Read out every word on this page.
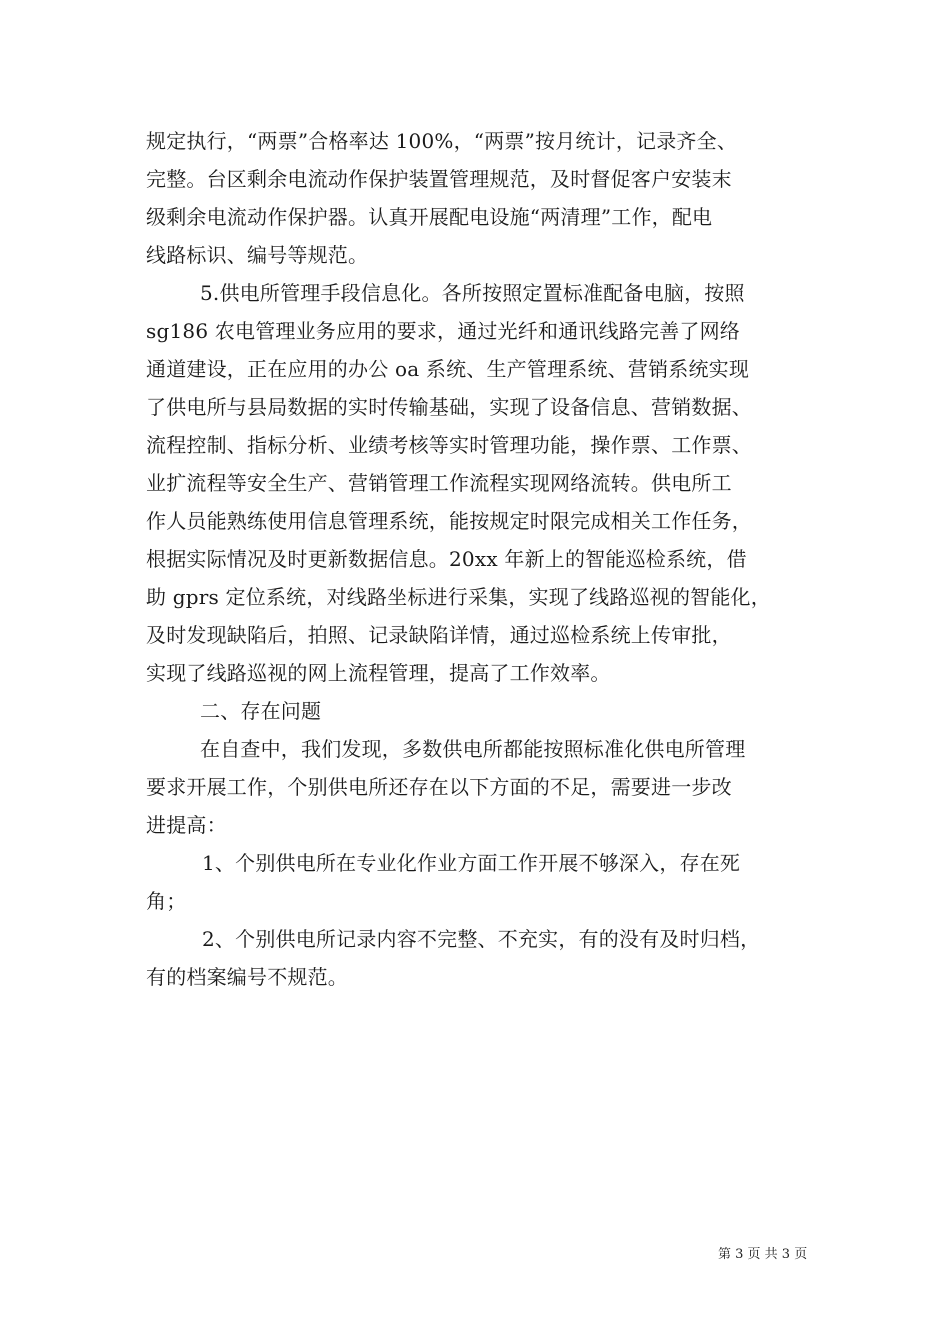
规定执行，“两票”合格率达 100%，“两票”按月统计，记录齐全、
完整。台区剩余电流动作保护装置管理规范，及时督促客户安装末
级剩余电流动作保护器。认真开展配电设施“两清理”工作，配电
线路标识、编号等规范。
5.供电所管理手段信息化。各所按照定置标准配备电脑，按照
sg186 农电管理业务应用的要求，通过光纤和通讯线路完善了网络
通道建设，正在应用的办公 oa 系统、生产管理系统、营销系统实现
了供电所与县局数据的实时传输基础，实现了设备信息、营销数据、
流程控制、指标分析、业绩考核等实时管理功能，操作票、工作票、
业扩流程等安全生产、营销管理工作流程实现网络流转。供电所工
作人员能熟练使用信息管理系统，能按规定时限完成相关工作任务，
根据实际情况及时更新数据信息。20xx 年新上的智能巡检系统，借
助 gprs 定位系统，对线路坐标进行采集，实现了线路巡视的智能化，
及时发现缺陷后，拍照、记录缺陷详情，通过巡检系统上传审批，
实现了线路巡视的网上流程管理，提高了工作效率。
二、存在问题
在自查中，我们发现，多数供电所都能按照标准化供电所管理
要求开展工作，个别供电所还存在以下方面的不足，需要进一步改
进提高：
1、个别供电所在专业化作业方面工作开展不够深入，存在死
角；
2、个别供电所记录内容不完整、不充实，有的没有及时归档，
有的档案编号不规范。
第 3 页 共 3 页
